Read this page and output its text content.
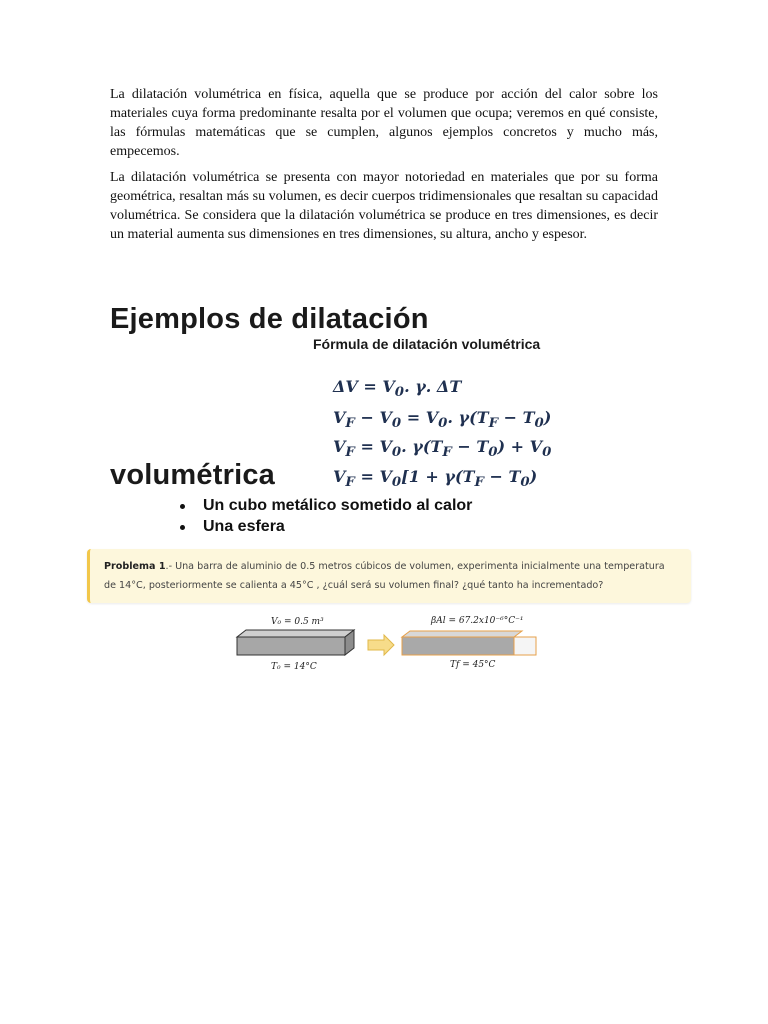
La dilatación volumétrica en física, aquella que se produce por acción del calor sobre los materiales cuya forma predominante resalta por el volumen que ocupa; veremos en qué consiste, las fórmulas matemáticas que se cumplen, algunos ejemplos concretos y mucho más, empecemos.

La dilatación volumétrica se presenta con mayor notoriedad en materiales que por su forma geométrica, resaltan más su volumen, es decir cuerpos tridimensionales que resaltan su capacidad volumétrica. Se considera que la dilatación volumétrica se produce en tres dimensiones, es decir un material aumenta sus dimensiones en tres dimensiones, su altura, ancho y espesor.

Ejemplos de dilatación
volumétrica
Fórmula de dilatación volumétrica
$\Delta V = V_0$. γ. ΔT
$V_F - V_0 = V_0$. $\gamma(T_F - T_0)$
$V_F = V_0$. $\gamma(T_F - T_0) + V_0$
$V_F = V_0[1 + \gamma(T_F - T_0)$
Un cubo metálico sometido al calor
Una esfera

Problema 1.- Una barra de aluminio de 0.5 metros cúbicos de volumen, experimenta inicialmente una temperatura de 14°C, posteriormente se calienta a 45°C , ¿cuál será su volumen final? ¿qué tanto ha incrementado?

V₀ = 0.5 m³
T₀ = 14°C
βAl = 67.2x10⁻⁶°C⁻¹
Tf = 45°C
